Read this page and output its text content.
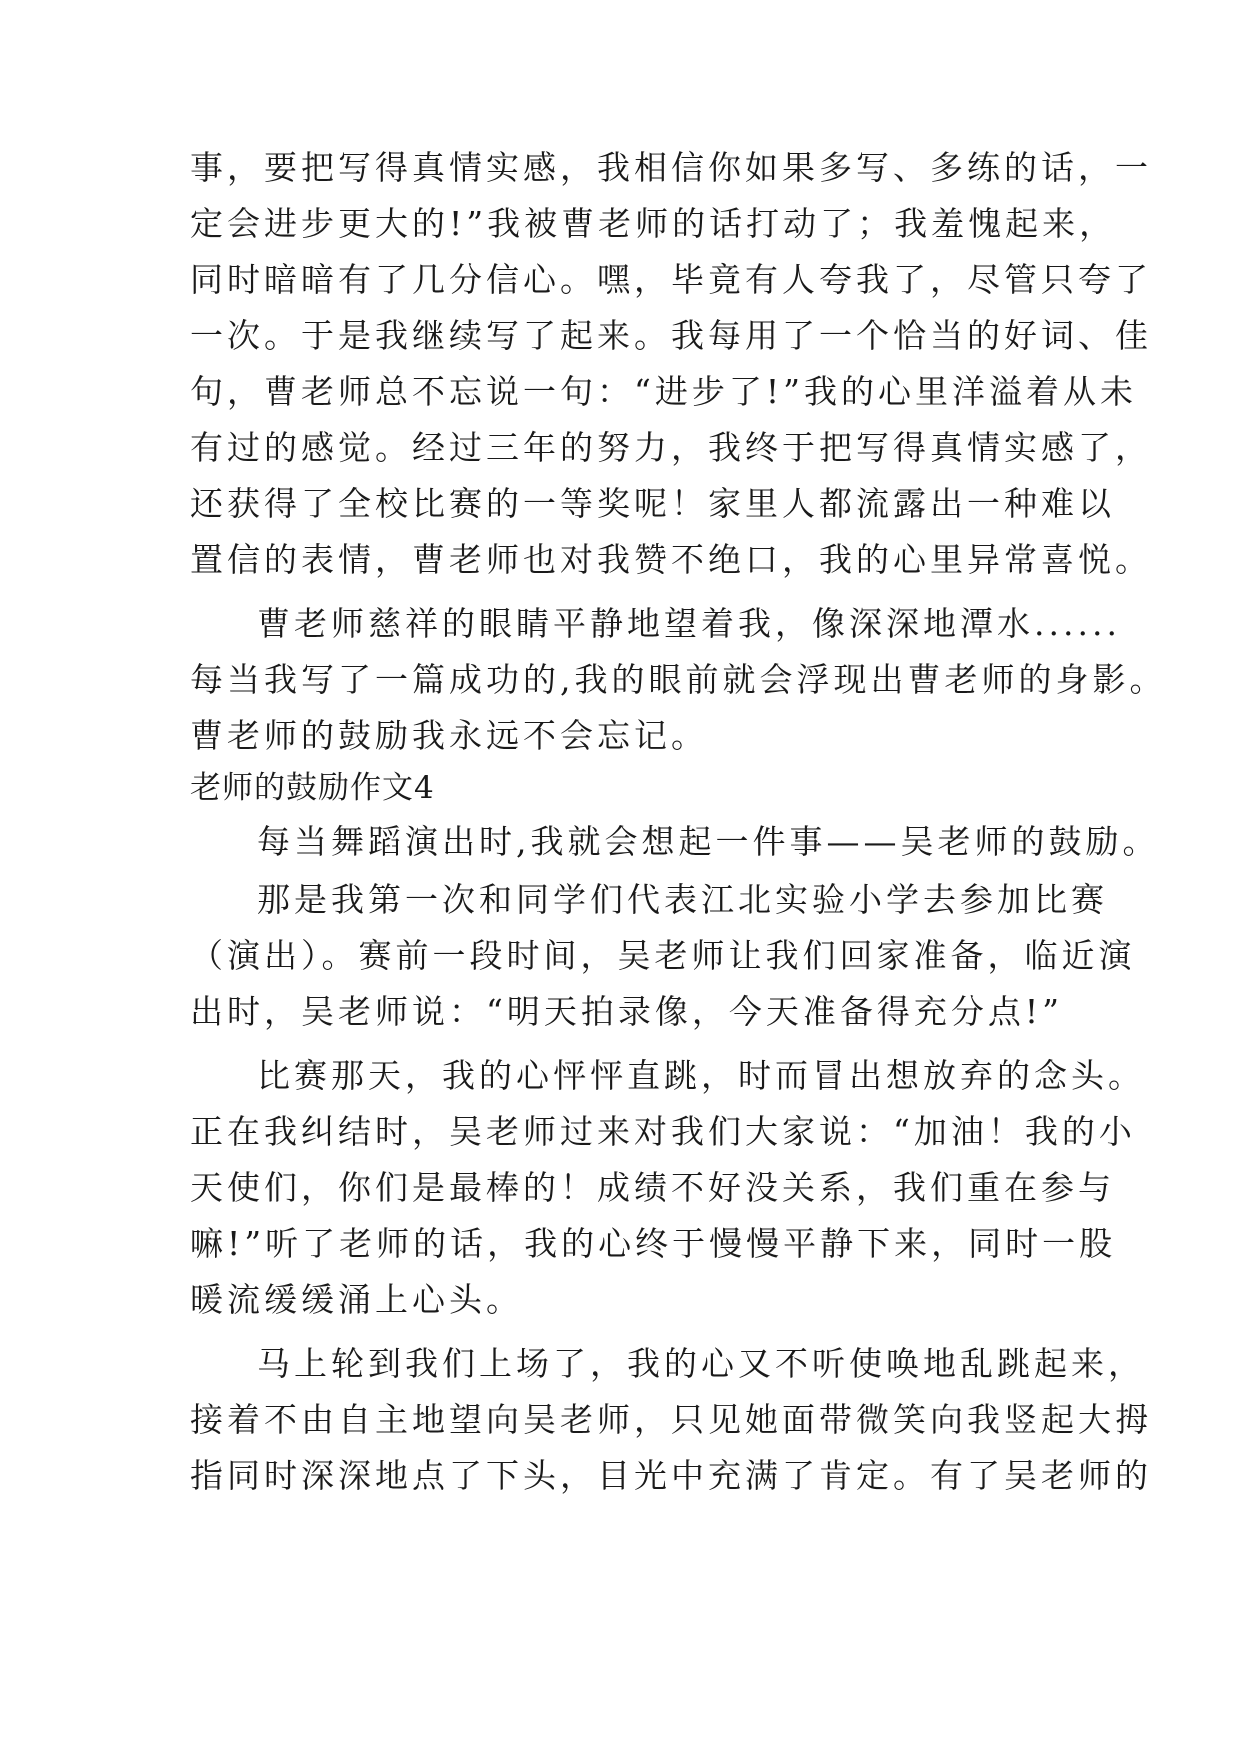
事，要把写得真情实感，我相信你如果多写、多练的话，一
定会进步更大的!”我被曹老师的话打动了；我羞愧起来，
同时暗暗有了几分信心。嘿，毕竟有人夸我了，尽管只夸了
一次。于是我继续写了起来。我每用了一个恰当的好词、佳
句，曹老师总不忘说一句：“进步了!”我的心里洋溢着从未
有过的感觉。经过三年的努力，我终于把写得真情实感了，
还获得了全校比赛的一等奖呢！家里人都流露出一种难以
置信的表情，曹老师也对我赞不绝口，我的心里异常喜悦。
曹老师慈祥的眼睛平静地望着我，像深深地潭水......
每当我写了一篇成功的,我的眼前就会浮现出曹老师的身影。
曹老师的鼓励我永远不会忘记。
老师的鼓励作文4
每当舞蹈演出时,我就会想起一件事——吴老师的鼓励。
那是我第一次和同学们代表江北实验小学去参加比赛
（演出）。赛前一段时间，吴老师让我们回家准备，临近演
出时，吴老师说：“明天拍录像，今天准备得充分点!”
比赛那天，我的心怦怦直跳，时而冒出想放弃的念头。
正在我纠结时，吴老师过来对我们大家说：“加油！我的小
天使们，你们是最棒的！成绩不好没关系，我们重在参与
嘛!”听了老师的话，我的心终于慢慢平静下来，同时一股
暖流缓缓涌上心头。
马上轮到我们上场了，我的心又不听使唤地乱跳起来，
接着不由自主地望向吴老师，只见她面带微笑向我竖起大拇
指同时深深地点了下头，目光中充满了肯定。有了吴老师的
